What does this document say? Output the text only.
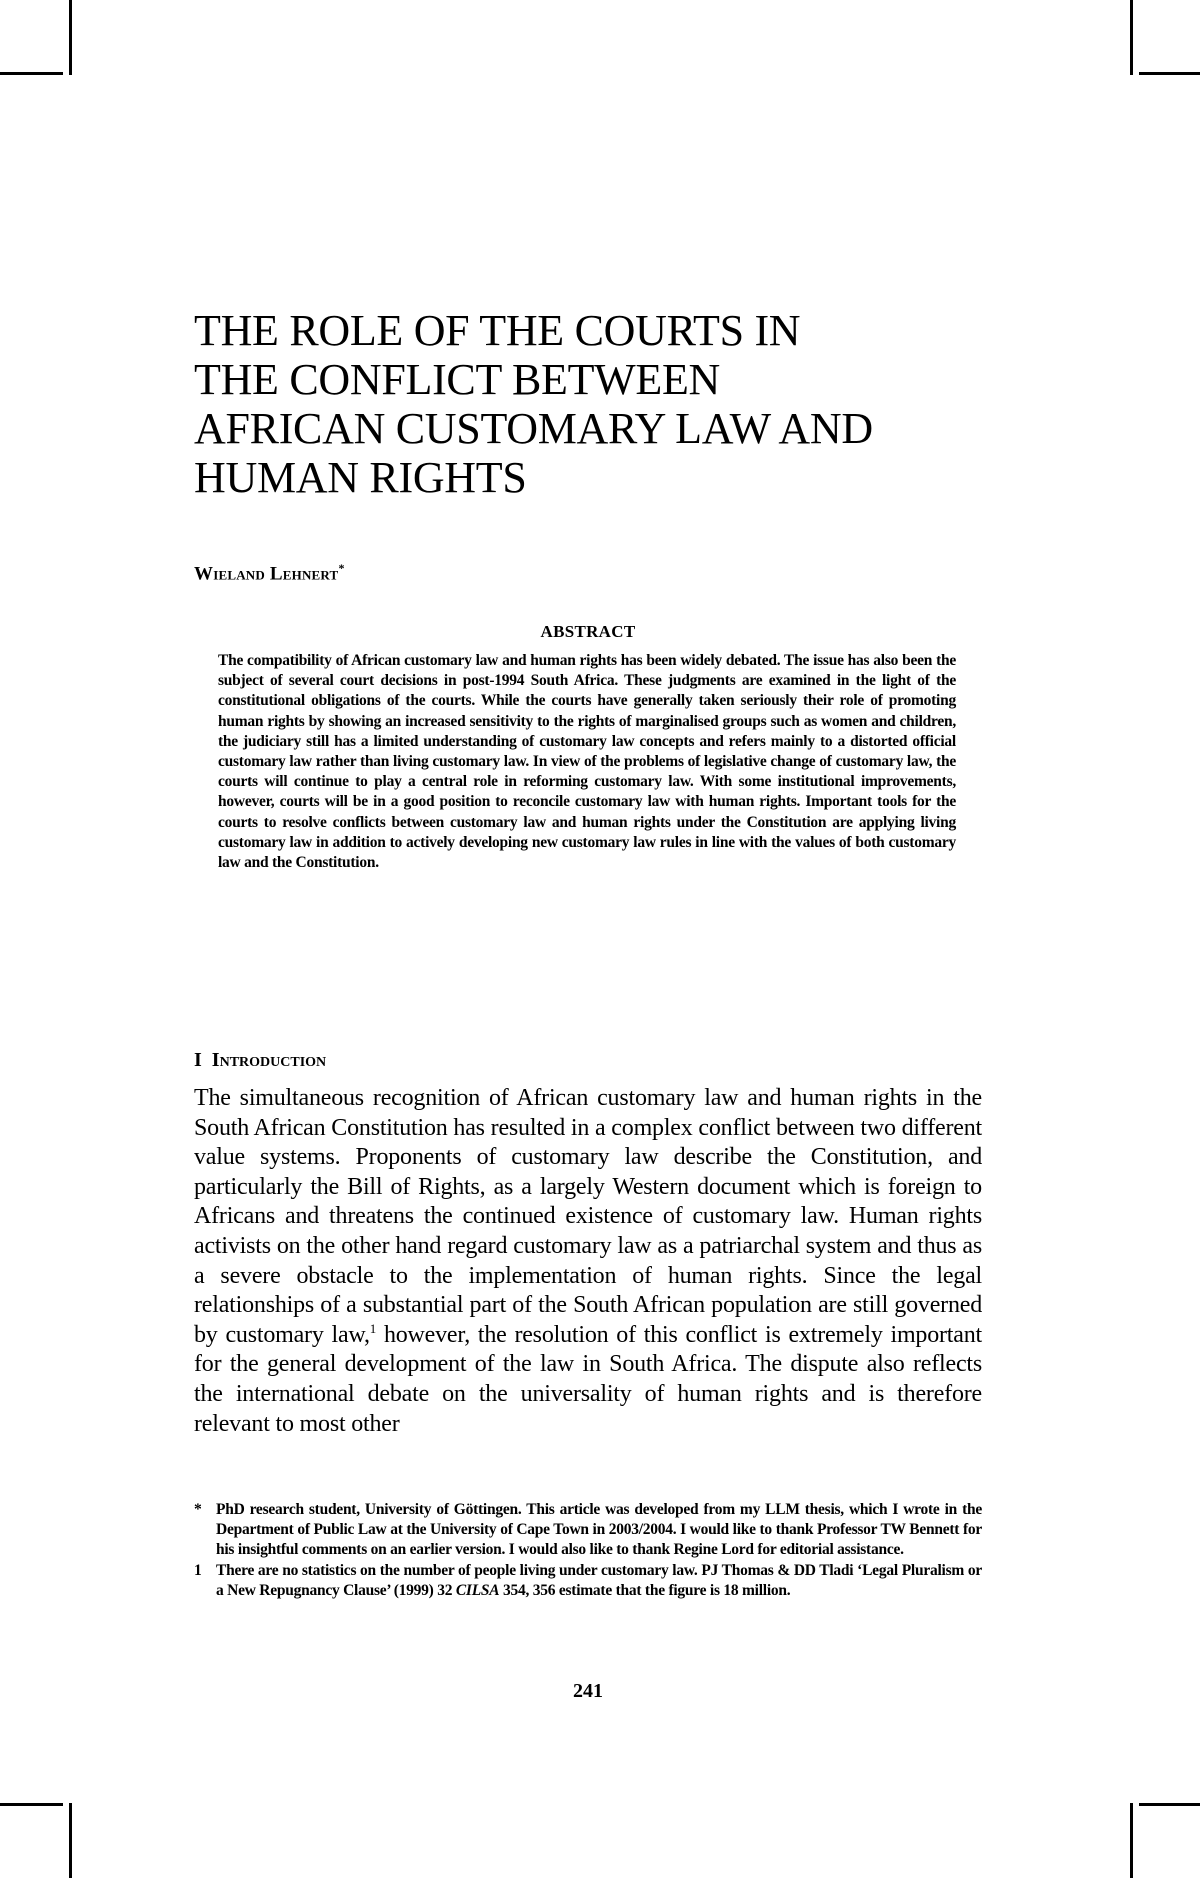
THE ROLE OF THE COURTS IN
THE CONFLICT BETWEEN
AFRICAN CUSTOMARY LAW AND
HUMAN RIGHTS
Wieland Lehnert*
ABSTRACT

The compatibility of African customary law and human rights has been widely debated. The issue has also been the subject of several court decisions in post-1994 South Africa. These judgments are examined in the light of the constitutional obligations of the courts. While the courts have generally taken seriously their role of promoting human rights by showing an increased sensitivity to the rights of marginalised groups such as women and children, the judiciary still has a limited understanding of customary law concepts and refers mainly to a distorted official customary law rather than living customary law. In view of the problems of legislative change of customary law, the courts will continue to play a central role in reforming customary law. With some institutional improvements, however, courts will be in a good position to reconcile customary law with human rights. Important tools for the courts to resolve conflicts between customary law and human rights under the Constitution are applying living customary law in addition to actively developing new customary law rules in line with the values of both customary law and the Constitution.

I Introduction

The simultaneous recognition of African customary law and human rights in the South African Constitution has resulted in a complex conflict between two different value systems. Proponents of customary law describe the Constitution, and particularly the Bill of Rights, as a largely Western document which is foreign to Africans and threatens the continued existence of customary law. Human rights activists on the other hand regard customary law as a patriarchal system and thus as a severe obstacle to the implementation of human rights. Since the legal relationships of a substantial part of the South African population are still governed by customary law,$^1$ however, the resolution of this conflict is extremely important for the general development of the law in South Africa. The dispute also reflects the international debate on the universality of human rights and is therefore relevant to most other

* PhD research student, University of Göttingen. This article was developed from my LLM thesis, which I wrote in the Department of Public Law at the University of Cape Town in 2003/2004. I would like to thank Professor TW Bennett for his insightful comments on an earlier version. I would also like to thank Regine Lord for editorial assistance.
1 There are no statistics on the number of people living under customary law. PJ Thomas & DD Tladi ‘Legal Pluralism or a New Repugnancy Clause’ (1999) 32 CILSA 354, 356 estimate that the figure is 18 million.
241
